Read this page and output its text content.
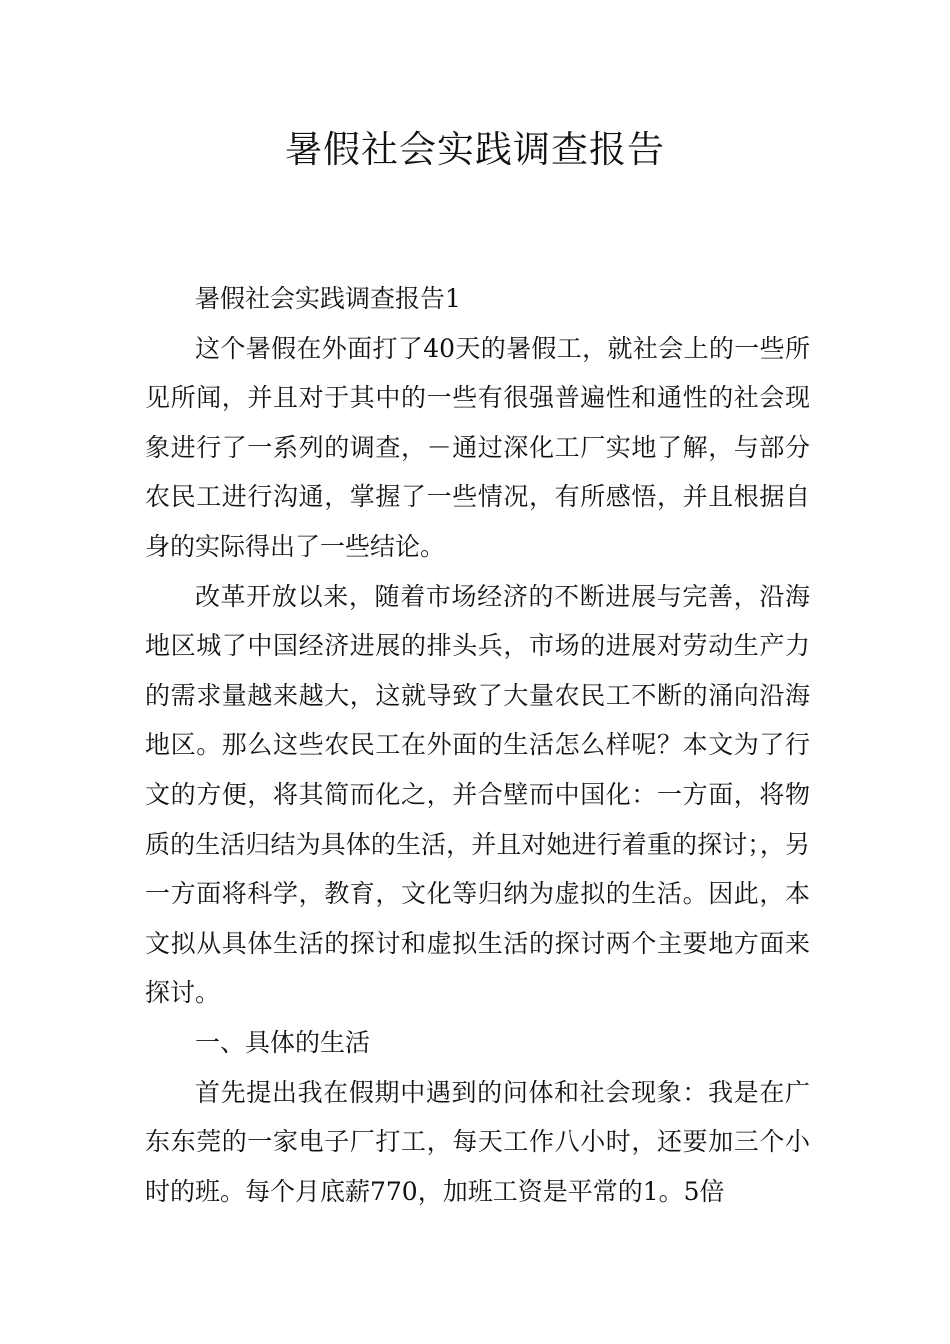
暑假社会实践调查报告

暑假社会实践调查报告1

这个暑假在外面打了40天的暑假工，就社会上的一些所见所闻，并且对于其中的一些有很强普遍性和通性的社会现象进行了一系列的调查，－通过深化工厂实地了解，与部分农民工进行沟通，掌握了一些情况，有所感悟，并且根据自身的实际得出了一些结论。

改革开放以来，随着市场经济的不断进展与完善，沿海地区城了中国经济进展的排头兵，市场的进展对劳动生产力的需求量越来越大，这就导致了大量农民工不断的涌向沿海地区。那么这些农民工在外面的生活怎么样呢？本文为了行文的方便，将其简而化之，并合壁而中国化：一方面，将物质的生活归结为具体的生活，并且对她进行着重的探讨；，另一方面将科学，教育，文化等归纳为虚拟的生活。因此，本文拟从具体生活的探讨和虚拟生活的探讨两个主要地方面来探讨。

一、具体的生活

首先提出我在假期中遇到的问体和社会现象：我是在广东东莞的一家电子厂打工，每天工作八小时，还要加三个小时的班。每个月底薪770，加班工资是平常的1。5倍
